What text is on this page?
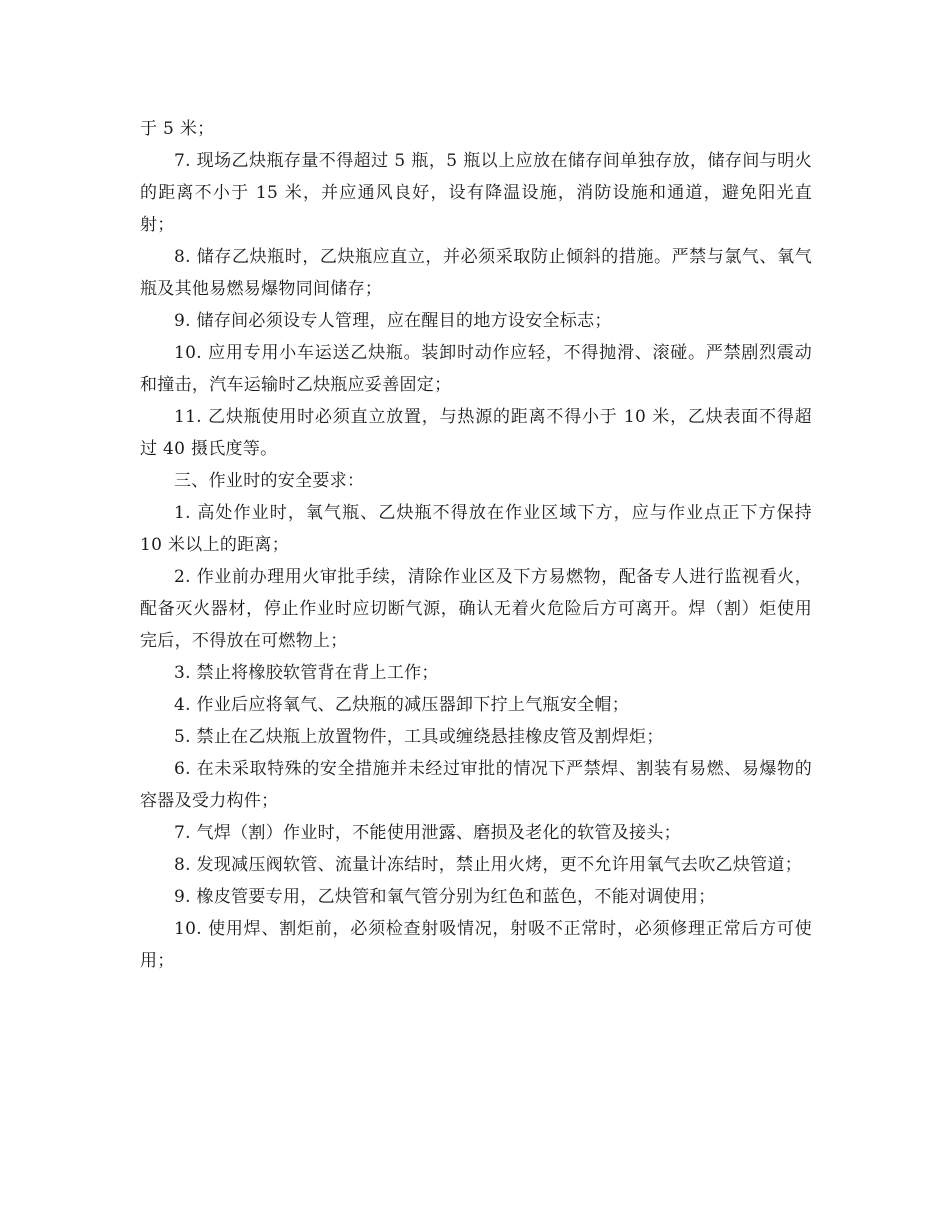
于 5 米；

7. 现场乙炔瓶存量不得超过 5 瓶，5 瓶以上应放在储存间单独存放，储存间与明火的距离不小于 15 米，并应通风良好，设有降温设施，消防设施和通道，避免阳光直射；

8. 储存乙炔瓶时，乙炔瓶应直立，并必须采取防止倾斜的措施。严禁与氯气、氧气瓶及其他易燃易爆物同间储存；

9. 储存间必须设专人管理，应在醒目的地方设安全标志；

10. 应用专用小车运送乙炔瓶。装卸时动作应轻，不得抛滑、滚碰。严禁剧烈震动和撞击，汽车运输时乙炔瓶应妥善固定；

11. 乙炔瓶使用时必须直立放置，与热源的距离不得小于 10 米，乙炔表面不得超过 40 摄氏度等。

三、作业时的安全要求：

1. 高处作业时，氧气瓶、乙炔瓶不得放在作业区域下方，应与作业点正下方保持 10 米以上的距离；

2. 作业前办理用火审批手续，清除作业区及下方易燃物，配备专人进行监视看火，配备灭火器材，停止作业时应切断气源，确认无着火危险后方可离开。焊（割）炬使用完后，不得放在可燃物上；

3. 禁止将橡胶软管背在背上工作；

4. 作业后应将氧气、乙炔瓶的减压器卸下拧上气瓶安全帽；

5. 禁止在乙炔瓶上放置物件，工具或缠绕悬挂橡皮管及割焊炬；

6. 在未采取特殊的安全措施并未经过审批的情况下严禁焊、割装有易燃、易爆物的容器及受力构件；

7. 气焊（割）作业时，不能使用泄露、磨损及老化的软管及接头；

8. 发现减压阀软管、流量计冻结时，禁止用火烤，更不允许用氧气去吹乙炔管道；

9. 橡皮管要专用，乙炔管和氧气管分别为红色和蓝色，不能对调使用；

10. 使用焊、割炬前，必须检查射吸情况，射吸不正常时，必须修理正常后方可使用；
